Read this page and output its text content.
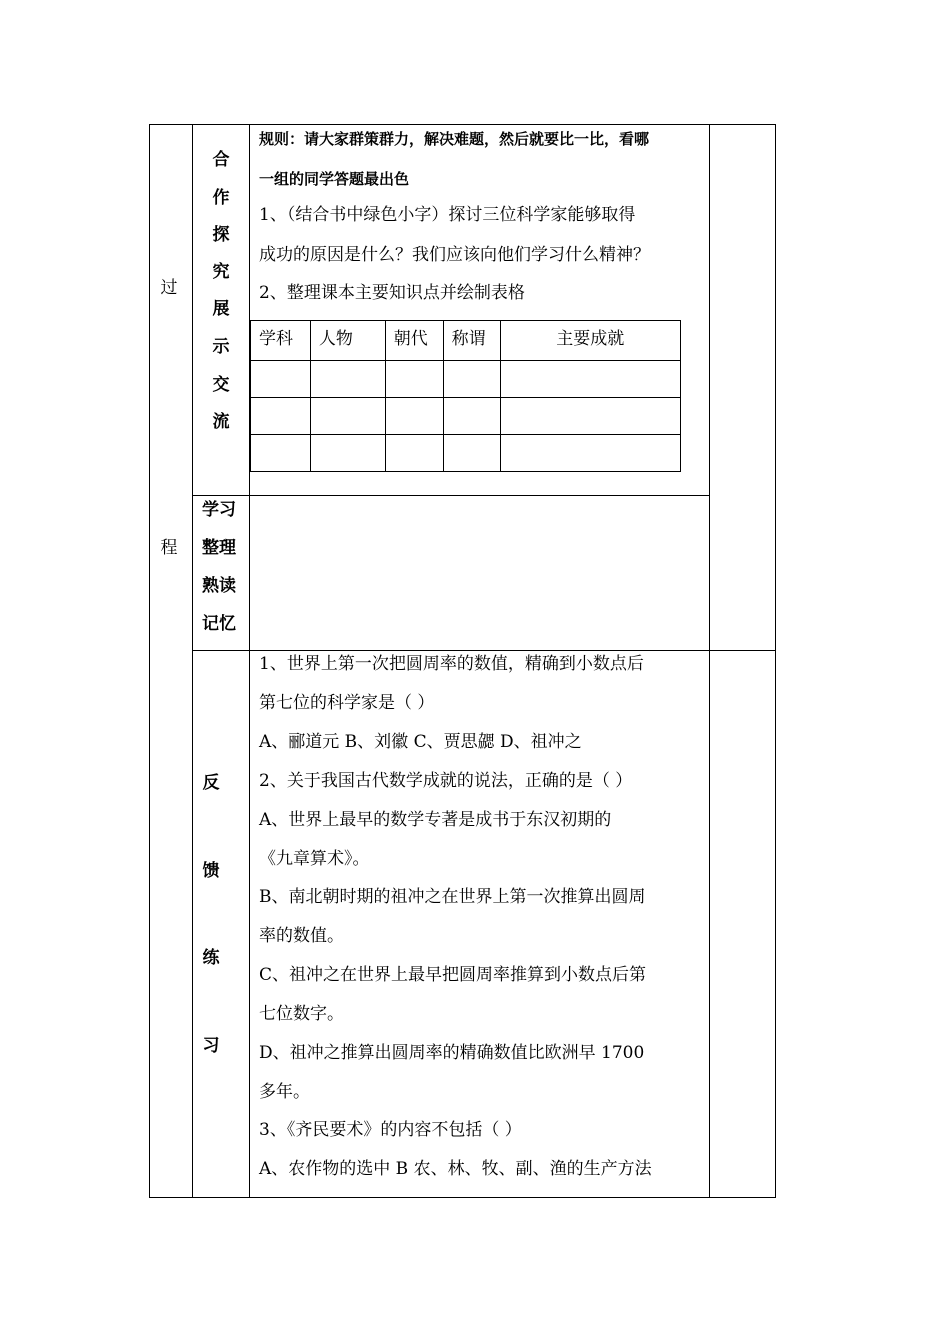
过
程
合
作
探
究
展
示
交
流
规则：请大家群策群力，解决难题，然后就要比一比，看哪
一组的同学答题最出色
1、（结合书中绿色小字）探讨三位科学家能够取得
成功的原因是什么？我们应该向他们学习什么精神？
2、整理课本主要知识点并绘制表格
学科	人物	朝代	称谓	主要成就

学习
整理
熟读
记忆
反
馈
练
习
1、世界上第一次把圆周率的数值，精确到小数点后
第七位的科学家是（ ）
A、郦道元 B、刘徽 C、贾思勰 D、祖冲之
2、关于我国古代数学成就的说法，正确的是（ ）
A、世界上最早的数学专著是成书于东汉初期的
《九章算术》。
B、南北朝时期的祖冲之在世界上第一次推算出圆周
率的数值。
C、祖冲之在世界上最早把圆周率推算到小数点后第
七位数字。
D、祖冲之推算出圆周率的精确数值比欧洲早 1700
多年。
3、《齐民要术》的内容不包括（ ）
A、农作物的选中 B 农、林、牧、副、渔的生产方法
